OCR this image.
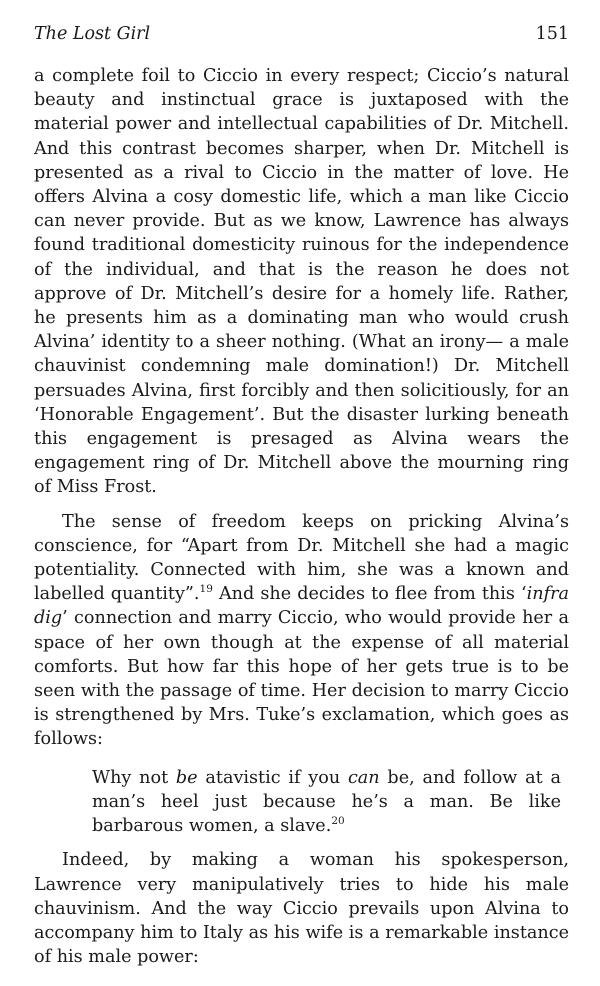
The Lost Girl	151

a complete foil to Ciccio in every respect; Ciccio’s natural beauty and instinctual grace is juxtaposed with the material power and intellectual capabilities of Dr. Mitchell. And this contrast becomes sharper, when Dr. Mitchell is presented as a rival to Ciccio in the matter of love. He offers Alvina a cosy domestic life, which a man like Ciccio can never provide. But as we know, Lawrence has always found traditional domesticity ruinous for the independence of the individual, and that is the reason he does not approve of Dr. Mitchell’s desire for a homely life. Rather, he presents him as a dominating man who would crush Alvina’ identity to a sheer nothing. (What an irony— a male chauvinist condemning male domination!) Dr. Mitchell persuades Alvina, first forcibly and then solicitiously, for an ‘Honorable Engagement’. But the disaster lurking beneath this engagement is presaged as Alvina wears the engagement ring of Dr. Mitchell above the mourning ring of Miss Frost.

The sense of freedom keeps on pricking Alvina’s conscience, for “Apart from Dr. Mitchell she had a magic potentiality. Connected with him, she was a known and labelled quantity”.$^{19}$ And she decides to flee from this ‘infra dig’ connection and marry Ciccio, who would provide her a space of her own though at the expense of all material comforts. But how far this hope of her gets true is to be seen with the passage of time. Her decision to marry Ciccio is strengthened by Mrs. Tuke’s exclamation, which goes as follows:

Why not be atavistic if you can be, and follow at a man’s heel just because he’s a man. Be like barbarous women, a slave.$^{20}$

Indeed, by making a woman his spokesperson, Lawrence very manipulatively tries to hide his male chauvinism. And the way Ciccio prevails upon Alvina to accompany him to Italy as his wife is a remarkable instance of his male power:
